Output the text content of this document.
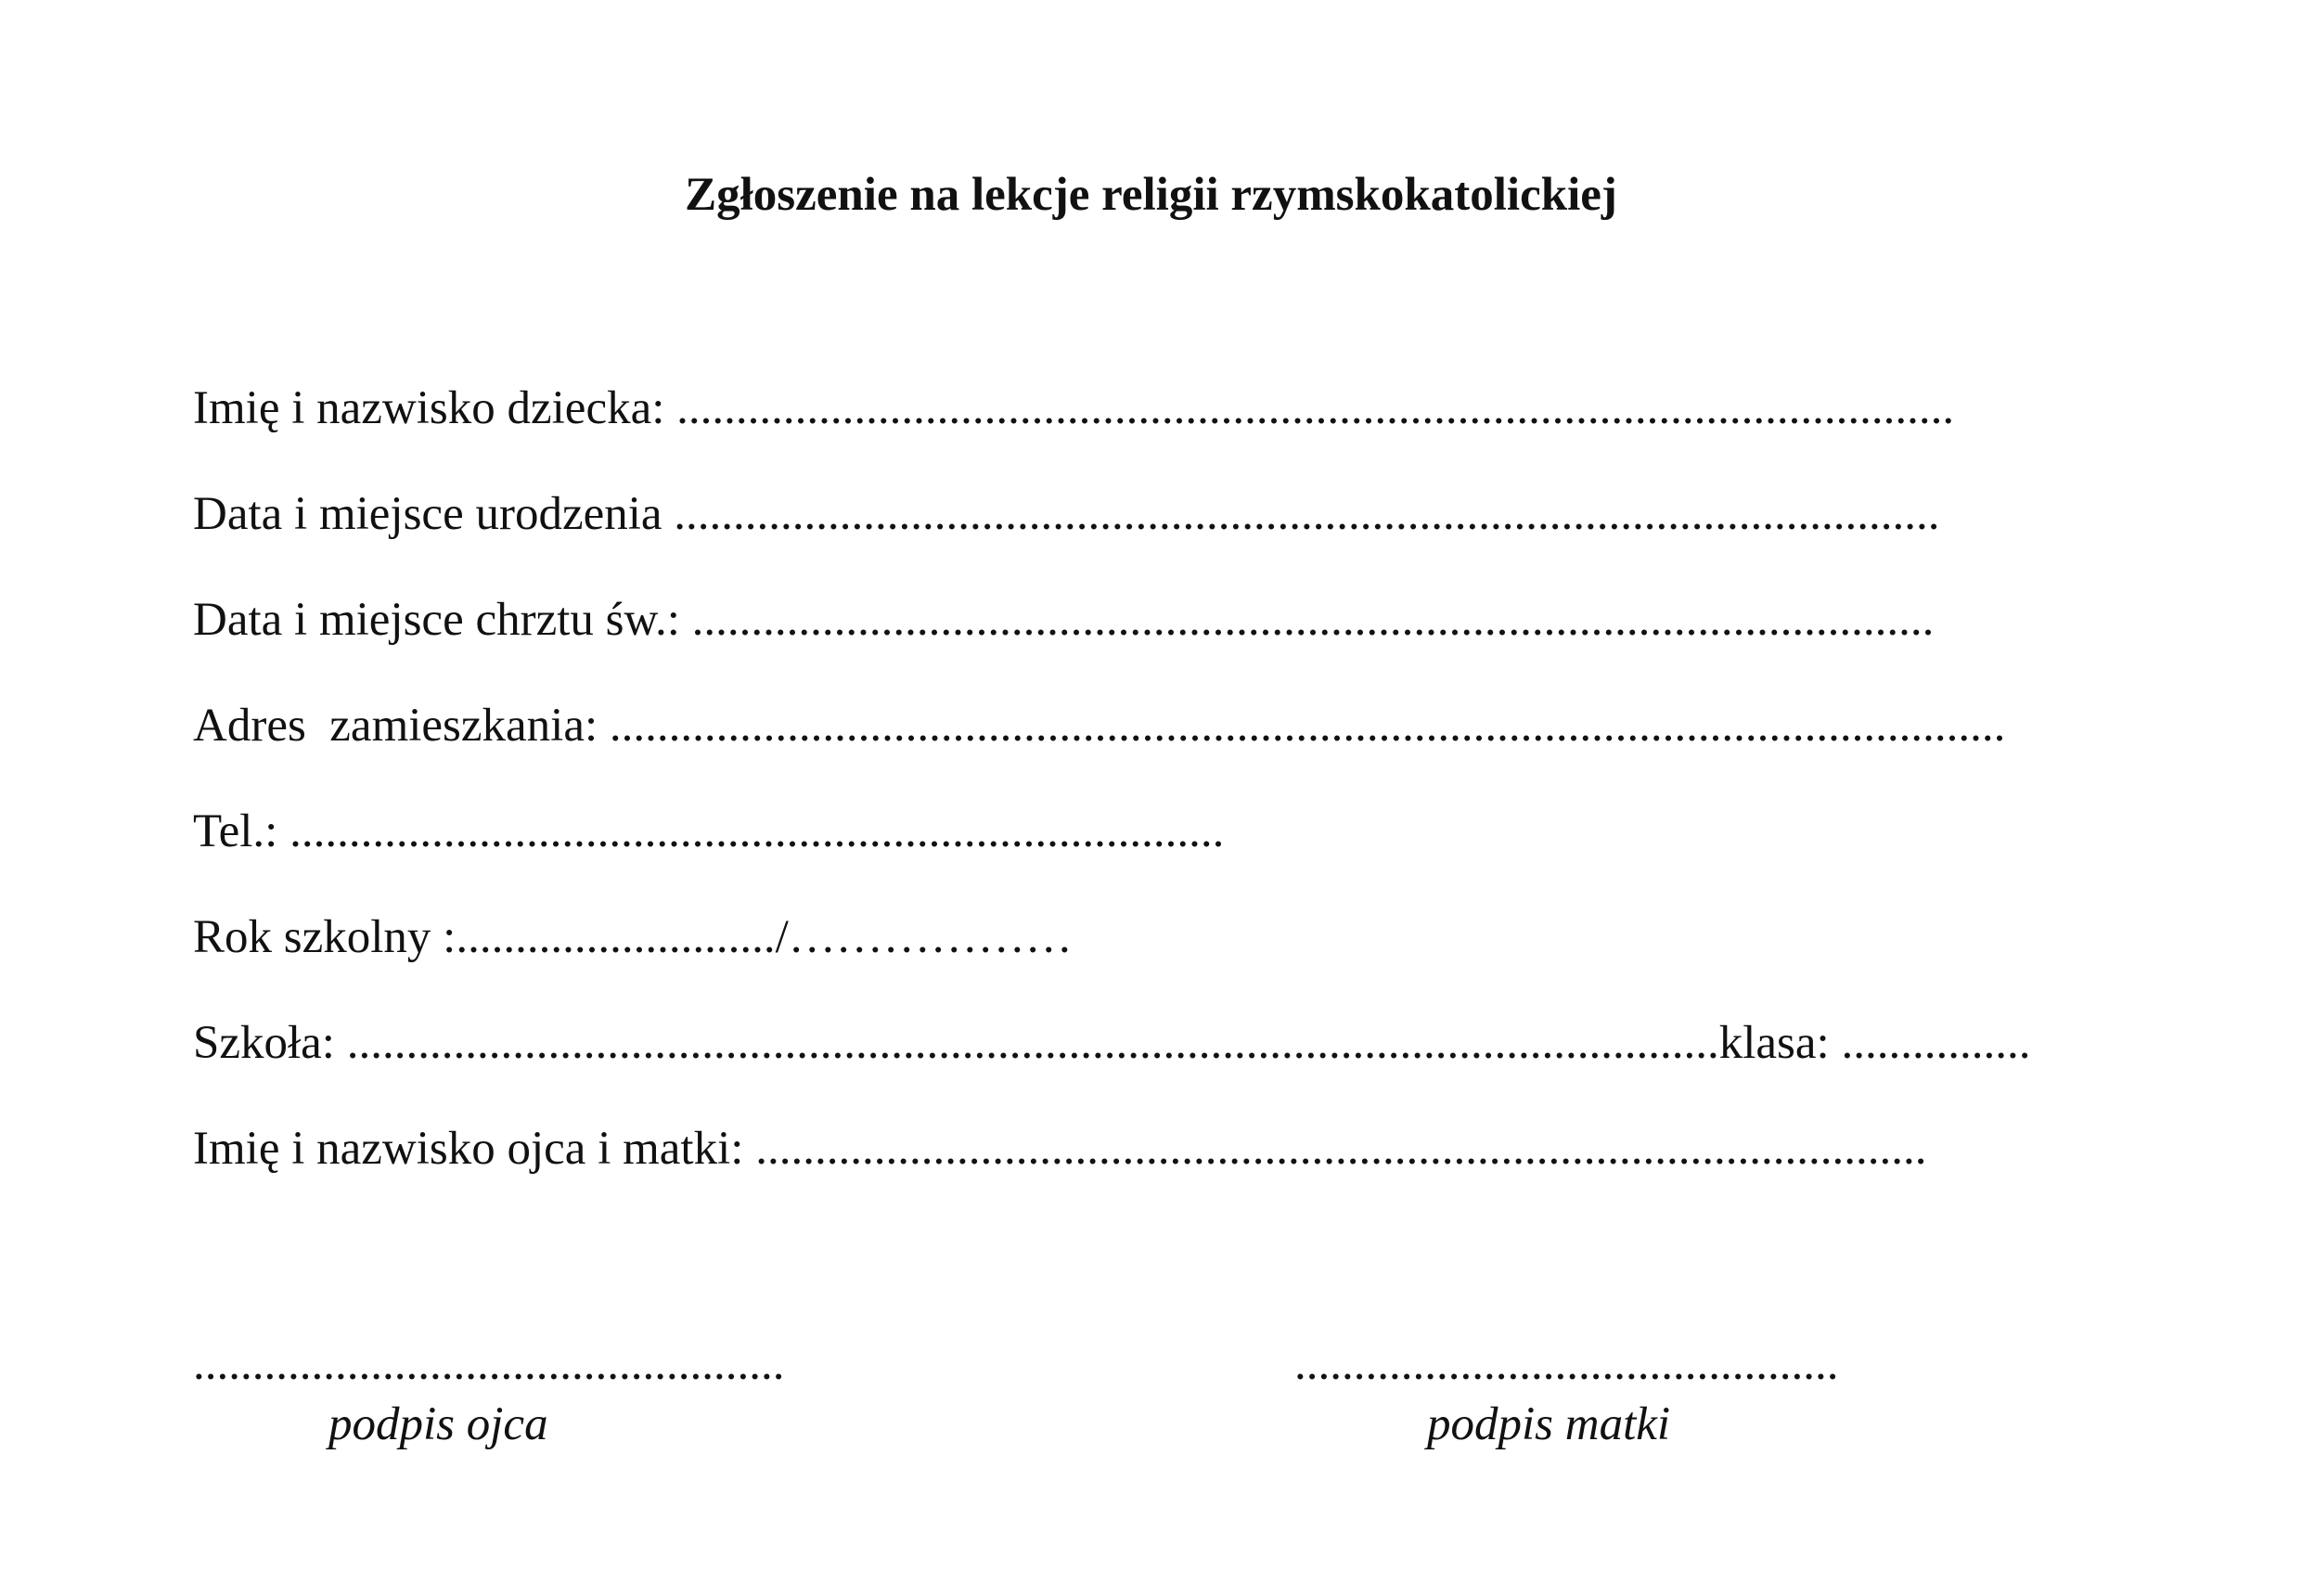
Zgłoszenie na lekcje religii rzymskokatolickiej
Imię i nazwisko dziecka: ............................................................................................................
Data i miejsce urodzenia ...........................................................................................................
Data i miejsce chrztu św.: .........................................................................................................
Adres  zamieszkania: ......................................................................................................................
Tel.: ...............................................................................
Rok szkolny :.........................../………………
Szkoła: ....................................................................................................................klasa: ................
Imię i nazwisko ojca i matki: ...................................................................................................
..................................................
podpis ojca
..............................................
podpis matki
